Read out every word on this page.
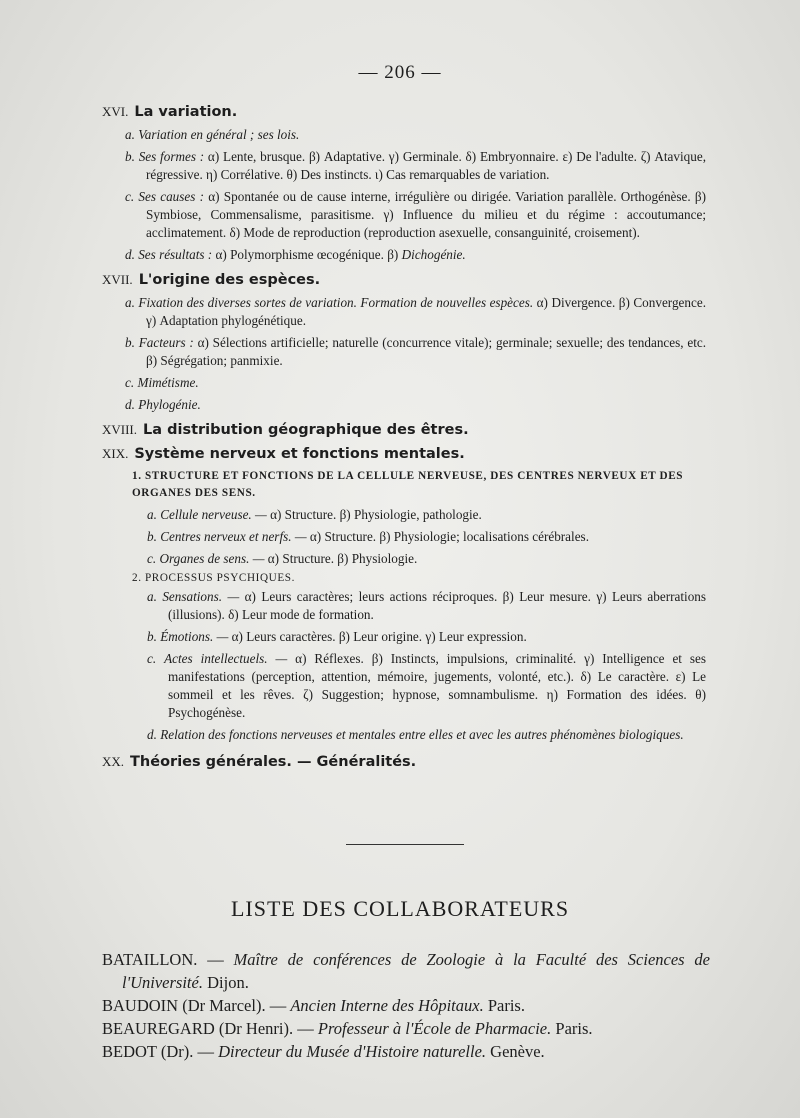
— 206 —
XVI. La variation.
a. Variation en général ; ses lois.
b. Ses formes : α) Lente, brusque. β) Adaptative. γ) Germinale. δ) Embryonnaire. ε) De l'adulte. ζ) Atavique, régressive. η) Corrélative. θ) Des instincts. ι) Cas remarquables de variation.
c. Ses causes : α) Spontanée ou de cause interne, irrégulière ou dirigée. Variation parallèle. Orthogénèse. β) Symbiose, Commensalisme, parasitisme. γ) Influence du milieu et du régime : accoutumance; acclimatement. δ) Mode de reproduction (reproduction asexuelle, consanguinité, croisement).
d. Ses résultats : α) Polymorphisme œcogénique. β) Dichogénie.
XVII. L'origine des espèces.
a. Fixation des diverses sortes de variation. Formation de nouvelles espèces. α) Divergence. β) Convergence. γ) Adaptation phylogénétique.
b. Facteurs : α) Sélections artificielle; naturelle (concurrence vitale); germinale; sexuelle; des tendances, etc. β) Ségrégation; panmixie.
c. Mimétisme.
d. Phylogénie.
XVIII. La distribution géographique des êtres.
XIX. Système nerveux et fonctions mentales.
1. STRUCTURE ET FONCTIONS DE LA CELLULE NERVEUSE, DES CENTRES NERVEUX ET DES ORGANES DES SENS.
a. Cellule nerveuse. — α) Structure. β) Physiologie, pathologie.
b. Centres nerveux et nerfs. — α) Structure. β) Physiologie; localisations cérébrales.
c. Organes de sens. — α) Structure. β) Physiologie.
2. PROCESSUS PSYCHIQUES.
a. Sensations. — α) Leurs caractères; leurs actions réciproques. β) Leur mesure. γ) Leurs aberrations (illusions). δ) Leur mode de formation.
b. Émotions. — α) Leurs caractères. β) Leur origine. γ) Leur expression.
c. Actes intellectuels. — α) Réflexes. β) Instincts, impulsions, criminalité. γ) Intelligence et ses manifestations (perception, attention, mémoire, jugements, volonté, etc.). δ) Le caractère. ε) Le sommeil et les rêves. ζ) Suggestion; hypnose, somnambulisme. η) Formation des idées. θ) Psychogénèse.
d. Relation des fonctions nerveuses et mentales entre elles et avec les autres phénomènes biologiques.
XX. Théories générales. — Généralités.
LISTE DES COLLABORATEURS

BATAILLON. — Maître de conférences de Zoologie à la Faculté des Sciences de l'Université. Dijon.

BAUDOIN (Dr Marcel). — Ancien Interne des Hôpitaux. Paris.

BEAUREGARD (Dr Henri). — Professeur à l'École de Pharmacie. Paris.

BEDOT (Dr). — Directeur du Musée d'Histoire naturelle. Genève.
